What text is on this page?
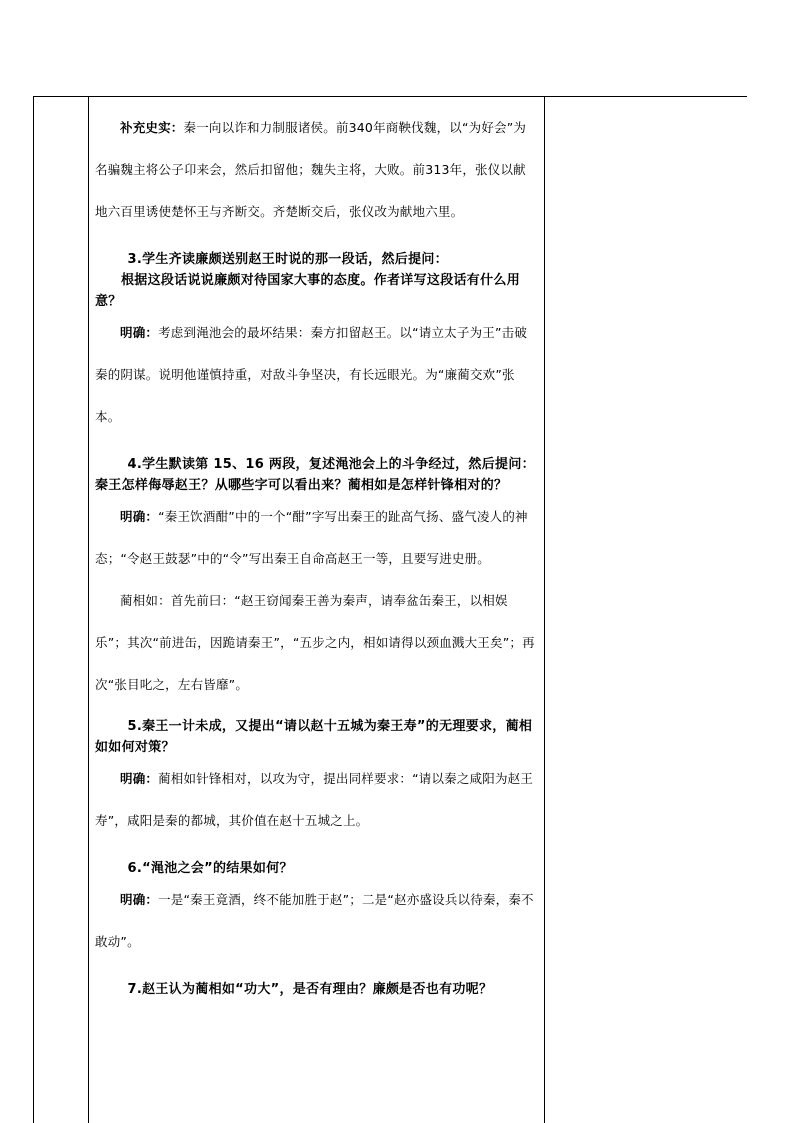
补充史实：秦一向以诈和力制服诸侯。前340年商鞅伐魏，以“为好会”为名骗魏主将公子卬来会，然后扣留他；魏失主将，大败。前313年，张仪以献地六百里诱使楚怀王与齐断交。齐楚断交后，张仪改为献地六里。

3.学生齐读廉颇送别赵王时说的那一段话，然后提问：

根据这段话说说廉颇对待国家大事的态度。作者详写这段话有什么用意？

明确：考虑到渑池会的最坏结果：秦方扣留赵王。以“请立太子为王”击破秦的阴谋。说明他谨慎持重，对敌斗争坚决，有长远眼光。为“廉蔺交欢”张本。

4.学生默读第 15、16 两段，复述渑池会上的斗争经过，然后提问：秦王怎样侮辱赵王？从哪些字可以看出来？蔺相如是怎样针锋相对的？

明确：“秦王饮酒酣”中的一个“酣”字写出秦王的趾高气扬、盛气凌人的神态；“令赵王鼓瑟”中的“令”写出秦王自命高赵王一等，且要写进史册。

蔺相如：首先前曰：“赵王窃闻秦王善为秦声，请奉盆缶秦王，以相娱乐”；其次“前进缶，因跪请秦王”，“五步之内，相如请得以颈血溅大王矣”；再次“张目叱之，左右皆靡”。

5.秦王一计未成，又提出“请以赵十五城为秦王寿”的无理要求，蔺相如如何对策？

明确：蔺相如针锋相对，以攻为守，提出同样要求：“请以秦之咸阳为赵王寿”，咸阳是秦的都城，其价值在赵十五城之上。

6.“渑池之会”的结果如何？

明确：一是“秦王竟酒，终不能加胜于赵”；二是“赵亦盛设兵以待秦，秦不敢动”。

7.赵王认为蔺相如“功大”，是否有理由？廉颇是否也有功呢？
